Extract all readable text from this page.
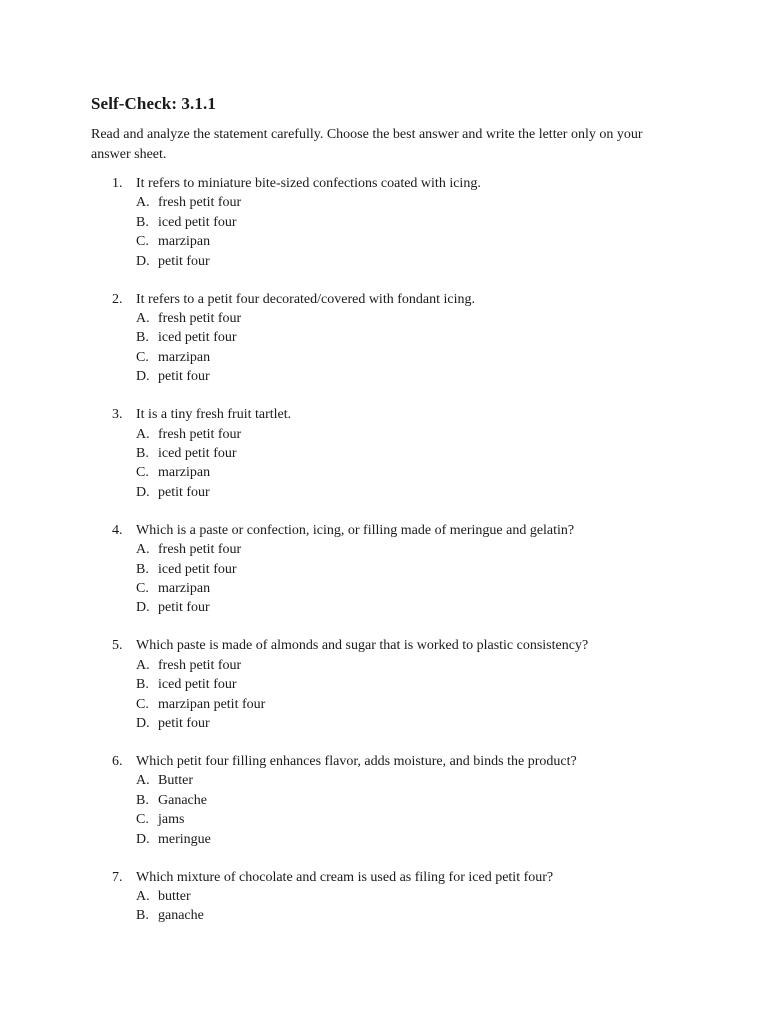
Self-Check: 3.1.1

Read and analyze the statement carefully. Choose the best answer and write the letter only on your answer sheet.

1. It refers to miniature bite-sized confections coated with icing.
A. fresh petit four
B. iced petit four
C. marzipan
D. petit four
2. It refers to a petit four decorated/covered with fondant icing.
A. fresh petit four
B. iced petit four
C. marzipan
D. petit four
3. It is a tiny fresh fruit tartlet.
A. fresh petit four
B. iced petit four
C. marzipan
D. petit four
4. Which is a paste or confection, icing, or filling made of meringue and gelatin?
A. fresh petit four
B. iced petit four
C. marzipan
D. petit four
5. Which paste is made of almonds and sugar that is worked to plastic consistency?
A. fresh petit four
B. iced petit four
C. marzipan petit four
D. petit four
6. Which petit four filling enhances flavor, adds moisture, and binds the product?
A. Butter
B. Ganache
C. jams
D. meringue
7. Which mixture of chocolate and cream is used as filing for iced petit four?
A. butter
B. ganache
